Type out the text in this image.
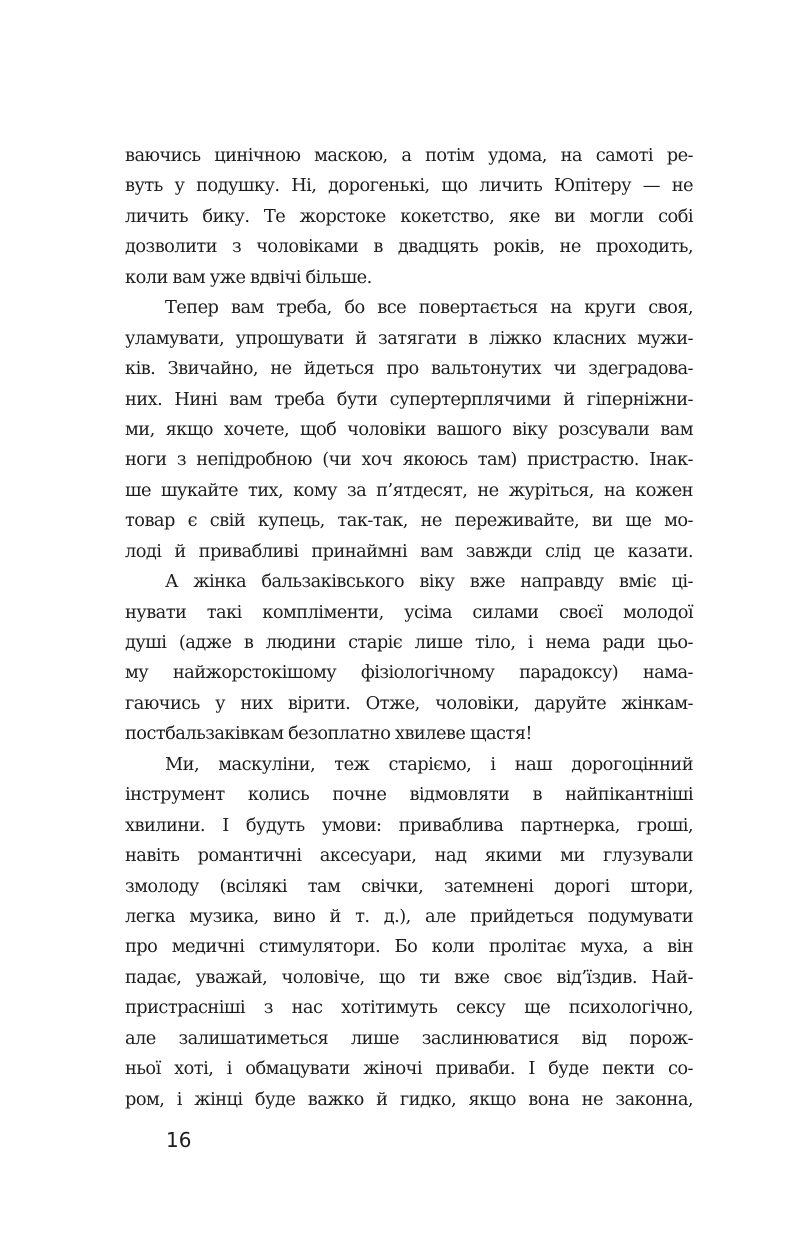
ваючись цинічною маскою, а потім удома, на самоті ре-
вуть у подушку. Ні, дорогенькі, що личить Юпітеру — не
личить бику. Те жорстоке кокетство, яке ви могли собі
дозволити з чоловіками в двадцять років, не проходить,
коли вам уже вдвічі більше.
Тепер вам треба, бо все повертається на круги своя,
уламувати, упрошувати й затягати в ліжко класних мужи-
ків. Звичайно, не йдеться про вальтонутих чи здеградова-
них. Нині вам треба бути супертерплячими й гіперніжни-
ми, якщо хочете, щоб чоловіки вашого віку розсували вам
ноги з непідробною (чи хоч якоюсь там) пристрастю. Інак-
ше шукайте тих, кому за п’ятдесят, не журіться, на кожен
товар є свій купець, так-так, не переживайте, ви ще мо-
лоді й привабливі принаймні вам завжди слід це казати.
А жінка бальзаківського віку вже направду вміє ці-
нувати такі компліменти, усіма силами своєї молодої
душі (адже в людини старіє лише тіло, і нема ради цьо-
му найжорстокішому фізіологічному парадоксу) нама-
гаючись у них вірити. Отже, чоловіки, даруйте жінкам-
постбальзаківкам безоплатно хвилеве щастя!
Ми, маскуліни, теж старіємо, і наш дорогоцінний
інструмент колись почне відмовляти в найпікантніші
хвилини. І будуть умови: приваблива партнерка, гроші,
навіть романтичні аксесуари, над якими ми глузували
змолоду (всілякі там свічки, затемнені дорогі штори,
легка музика, вино й т. д.), але прийдеться подумувати
про медичні стимулятори. Бо коли пролітає муха, а він
падає, уважай, чоловіче, що ти вже своє від’їздив. Най-
пристрасніші з нас хотітимуть сексу ще психологічно,
але залишатиметься лише заслинюватися від порож-
ньої хоті, і обмацувати жіночі приваби. І буде пекти со-
ром, і жінці буде важко й гидко, якщо вона не законна,
16
